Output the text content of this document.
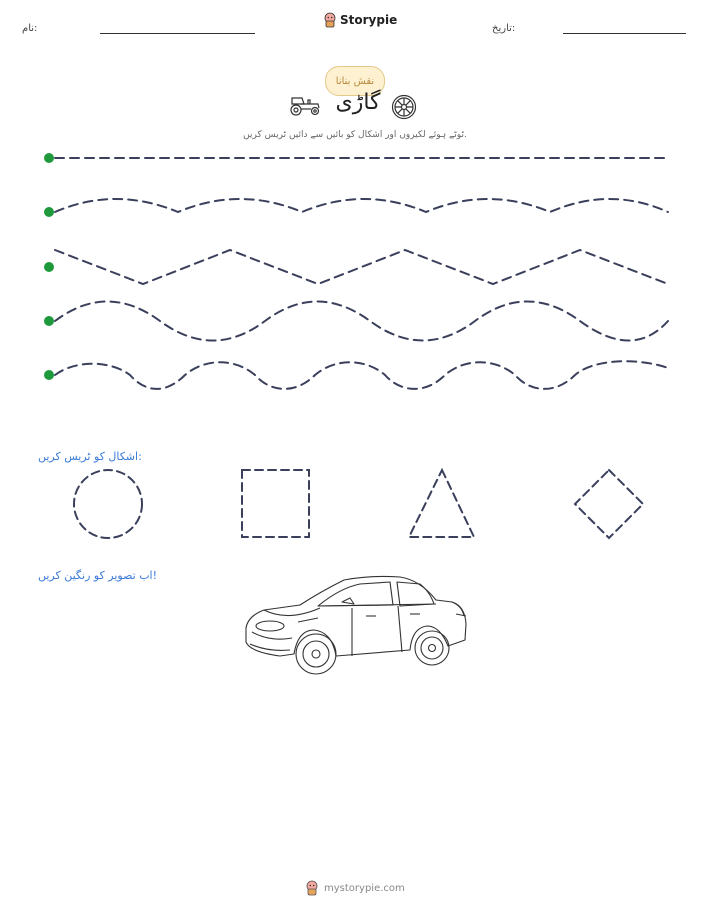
نام:
Storypie
تاریخ:
نقش بنانا
گاڑی
ٹوٹے ہوئے لکیروں اور اشکال کو بائیں سے دائیں ٹریس کریں.
اشکال کو ٹریس کریں:
اب تصویر کو رنگین کریں!
mystorypie.com
